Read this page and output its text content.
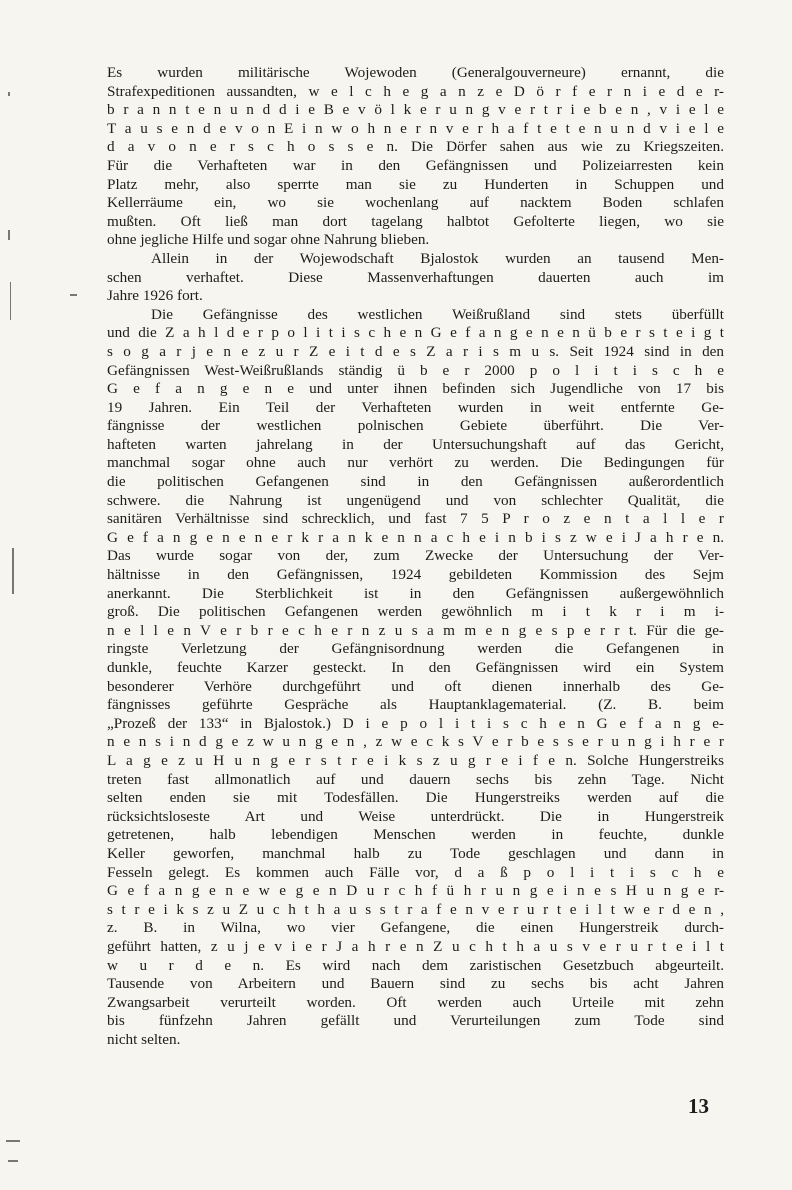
Es wurden militärische Wojewoden (Generalgouverneure) ernannt, die
Strafexpeditionen aussandten, w e l c h e g a n z e D ö r f e r n i e d e r-
b r a n n t e n u n d d i e B e v ö l k e r u n g v e r t r i e b e n , v i e l e
T a u s e n d e v o n E i n w o h n e r n v e r h a f t e t e n u n d v i e l e
d a v o n e r s c h o s s e n. Die Dörfer sahen aus wie zu Kriegszeiten.
Für die Verhafteten war in den Gefängnissen und Polizeiarresten kein
Platz mehr, also sperrte man sie zu Hunderten in Schuppen und
Kellerräume ein, wo sie wochenlang auf nacktem Boden schlafen
mußten. Oft ließ man dort tagelang halbtot Gefolterte liegen, wo sie
ohne jegliche Hilfe und sogar ohne Nahrung blieben.
Allein in der Wojewodschaft Bjalostok wurden an tausend Men-
schen verhaftet. Diese Massenverhaftungen dauerten auch im
Jahre 1926 fort.
Die Gefängnisse des westlichen Weißrußland sind stets überfüllt
und die Z a h l d e r p o l i t i s c h e n G e f a n g e n e n ü b e r s t e i g t
s o g a r j e n e z u r Z e i t d e s Z a r i s m u s. Seit 1924 sind in den
Gefängnissen West-Weißrußlands ständig ü b e r 2000 p o l i t i s c h e
G e f a n g e n e und unter ihnen befinden sich Jugendliche von 17 bis
19 Jahren. Ein Teil der Verhafteten wurden in weit entfernte Ge-
fängnisse der westlichen polnischen Gebiete überführt. Die Ver-
hafteten warten jahrelang in der Untersuchungshaft auf das Gericht,
manchmal sogar ohne auch nur verhört zu werden. Die Bedingungen für
die politischen Gefangenen sind in den Gefängnissen außerordentlich
schwere. die Nahrung ist ungenügend und von schlechter Qualität, die
sanitären Verhältnisse sind schrecklich, und fast 7 5 P r o z e n t a l l e r
G e f a n g e n e n e r k r a n k e n n a c h e i n b i s z w e i J a h r e n.
Das wurde sogar von der, zum Zwecke der Untersuchung der Ver-
hältnisse in den Gefängnissen, 1924 gebildeten Kommission des Sejm
anerkannt. Die Sterblichkeit ist in den Gefängnissen außergewöhnlich
groß. Die politischen Gefangenen werden gewöhnlich m i t k r i m i-
n e l l e n V e r b r e c h e r n z u s a m m e n g e s p e r r t. Für die ge-
ringste Verletzung der Gefängnisordnung werden die Gefangenen in
dunkle, feuchte Karzer gesteckt. In den Gefängnissen wird ein System
besonderer Verhöre durchgeführt und oft dienen innerhalb des Ge-
fängnisses geführte Gespräche als Hauptanklagematerial. (Z. B. beim
„Prozeß der 133“ in Bjalostok.) D i e p o l i t i s c h e n G e f a n g e-
n e n s i n d g e z w u n g e n , z w e c k s V e r b e s s e r u n g i h r e r
L a g e z u H u n g e r s t r e i k s z u g r e i f e n. Solche Hungerstreiks
treten fast allmonatlich auf und dauern sechs bis zehn Tage. Nicht
selten enden sie mit Todesfällen. Die Hungerstreiks werden auf die
rücksichtsloseste Art und Weise unterdrückt. Die in Hungerstreik
getretenen, halb lebendigen Menschen werden in feuchte, dunkle
Keller geworfen, manchmal halb zu Tode geschlagen und dann in
Fesseln gelegt. Es kommen auch Fälle vor, d a ß p o l i t i s c h e
G e f a n g e n e w e g e n D u r c h f ü h r u n g e i n e s H u n g e r-
s t r e i k s z u Z u c h t h a u s s t r a f e n v e r u r t e i l t w e r d e n ,
z. B. in Wilna, wo vier Gefangene, die einen Hungerstreik durch-
geführt hatten, z u j e v i e r J a h r e n Z u c h t h a u s v e r u r t e i l t
w u r d e n. Es wird nach dem zaristischen Gesetzbuch abgeurteilt.
Tausende von Arbeitern und Bauern sind zu sechs bis acht Jahren
Zwangsarbeit verurteilt worden. Oft werden auch Urteile mit zehn
bis fünfzehn Jahren gefällt und Verurteilungen zum Tode sind
nicht selten.
13
